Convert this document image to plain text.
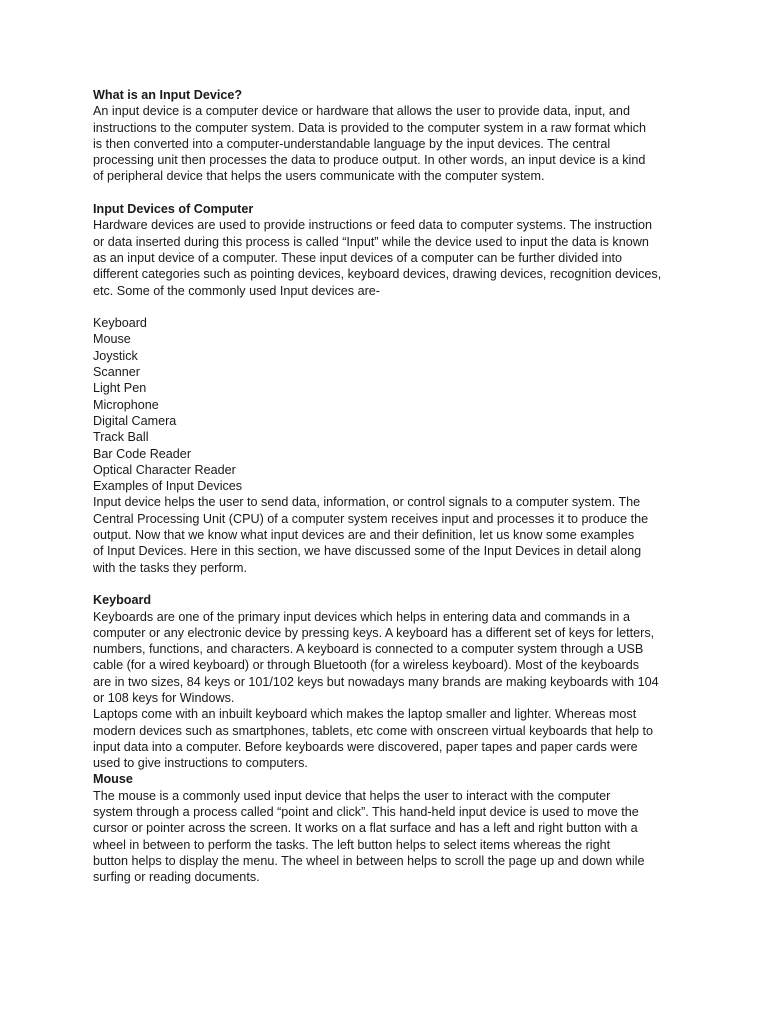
What is an Input Device?
An input device is a computer device or hardware that allows the user to provide data, input, and
instructions to the computer system. Data is provided to the computer system in a raw format which
is then converted into a computer-understandable language by the input devices. The central
processing unit then processes the data to produce output. In other words, an input device is a kind
of peripheral device that helps the users communicate with the computer system.
Input Devices of Computer
Hardware devices are used to provide instructions or feed data to computer systems. The instruction
or data inserted during this process is called “Input” while the device used to input the data is known
as an input device of a computer. These input devices of a computer can be further divided into
different categories such as pointing devices, keyboard devices, drawing devices, recognition devices,
etc. Some of the commonly used Input devices are-
Keyboard
Mouse
Joystick
Scanner
Light Pen
Microphone
Digital Camera
Track Ball
Bar Code Reader
Optical Character Reader
Examples of Input Devices
Input device helps the user to send data, information, or control signals to a computer system. The
Central Processing Unit (CPU) of a computer system receives input and processes it to produce the
output. Now that we know what input devices are and their definition, let us know some examples
of Input Devices. Here in this section, we have discussed some of the Input Devices in detail along
with the tasks they perform.
Keyboard
Keyboards are one of the primary input devices which helps in entering data and commands in a
computer or any electronic device by pressing keys. A keyboard has a different set of keys for letters,
numbers, functions, and characters. A keyboard is connected to a computer system through a USB
cable (for a wired keyboard) or through Bluetooth (for a wireless keyboard). Most of the keyboards
are in two sizes, 84 keys or 101/102 keys but nowadays many brands are making keyboards with 104
or 108 keys for Windows.
Laptops come with an inbuilt keyboard which makes the laptop smaller and lighter. Whereas most
modern devices such as smartphones, tablets, etc come with onscreen virtual keyboards that help to
input data into a computer. Before keyboards were discovered, paper tapes and paper cards were
used to give instructions to computers.
Mouse
The mouse is a commonly used input device that helps the user to interact with the computer
system through a process called “point and click”. This hand-held input device is used to move the
cursor or pointer across the screen. It works on a flat surface and has a left and right button with a
wheel in between to perform the tasks. The left button helps to select items whereas the right
button helps to display the menu. The wheel in between helps to scroll the page up and down while
surfing or reading documents.
